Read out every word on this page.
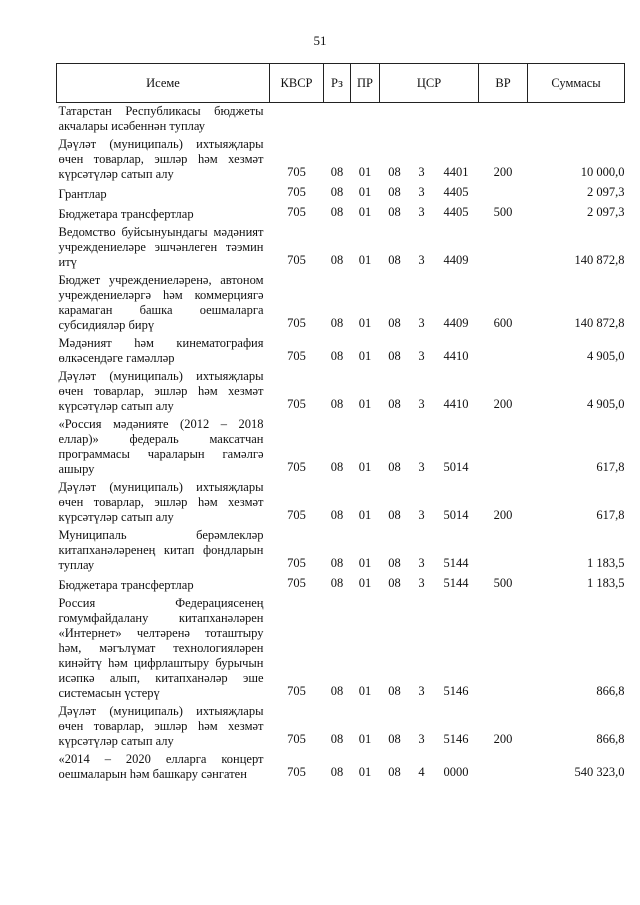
51
Исеме	КВСР	Рз	ПР	ЦСР			ВР	Суммасы
Татарстан Республикасы бюджеты акчалары исәбеннән туплау								
Дәүләт (муниципаль) ихтыяҗлары өчен товарлар, эшләр һәм хезмәт күрсәтүләр сатып алу	705	08	01	08	3	4401	200	10 000,0
Грантлар	705	08	01	08	3	4405		2 097,3
Бюджетара трансфертлар	705	08	01	08	3	4405	500	2 097,3
Ведомство буйсынуындагы мәдәният учреждениеләре эшчәнлеген тәэмин итү	705	08	01	08	3	4409		140 872,8
Бюджет учреждениеләренә, автоном учреждениеләргә һәм коммерциягә карамаган башка оешмаларга субсидияләр бирү	705	08	01	08	3	4409	600	140 872,8
Мәдәният һәм кинематография өлкәсендәге гамәлләр	705	08	01	08	3	4410		4 905,0
Дәүләт (муниципаль) ихтыяҗлары өчен товарлар, эшләр һәм хезмәт күрсәтүләр сатып алу	705	08	01	08	3	4410	200	4 905,0
«Россия мәдәнияте (2012 – 2018 еллар)» федераль максатчан программасы чараларын гамәлгә ашыру	705	08	01	08	3	5014		617,8
Дәүләт (муниципаль) ихтыяҗлары өчен товарлар, эшләр һәм хезмәт күрсәтүләр сатып алу	705	08	01	08	3	5014	200	617,8
Муниципаль берәмлекләр китапханәләренең китап фондларын туплау	705	08	01	08	3	5144		1 183,5
Бюджетара трансфертлар	705	08	01	08	3	5144	500	1 183,5
Россия Федерациясенең гомумфайдалану китапханәләрен «Интернет» челтәренә тоташтыру һәм, мәгълүмат технологияләрен кинәйтү һәм цифрлаштыру бурычын исәпкә алып, китапханәләр эше системасын үстерү	705	08	01	08	3	5146		866,8
Дәүләт (муниципаль) ихтыяҗлары өчен товарлар, эшләр һәм хезмәт күрсәтүләр сатып алу	705	08	01	08	3	5146	200	866,8
«2014 – 2020 елларга концерт оешмаларын һәм башкару сәнгатен	705	08	01	08	4	0000		540 323,0
